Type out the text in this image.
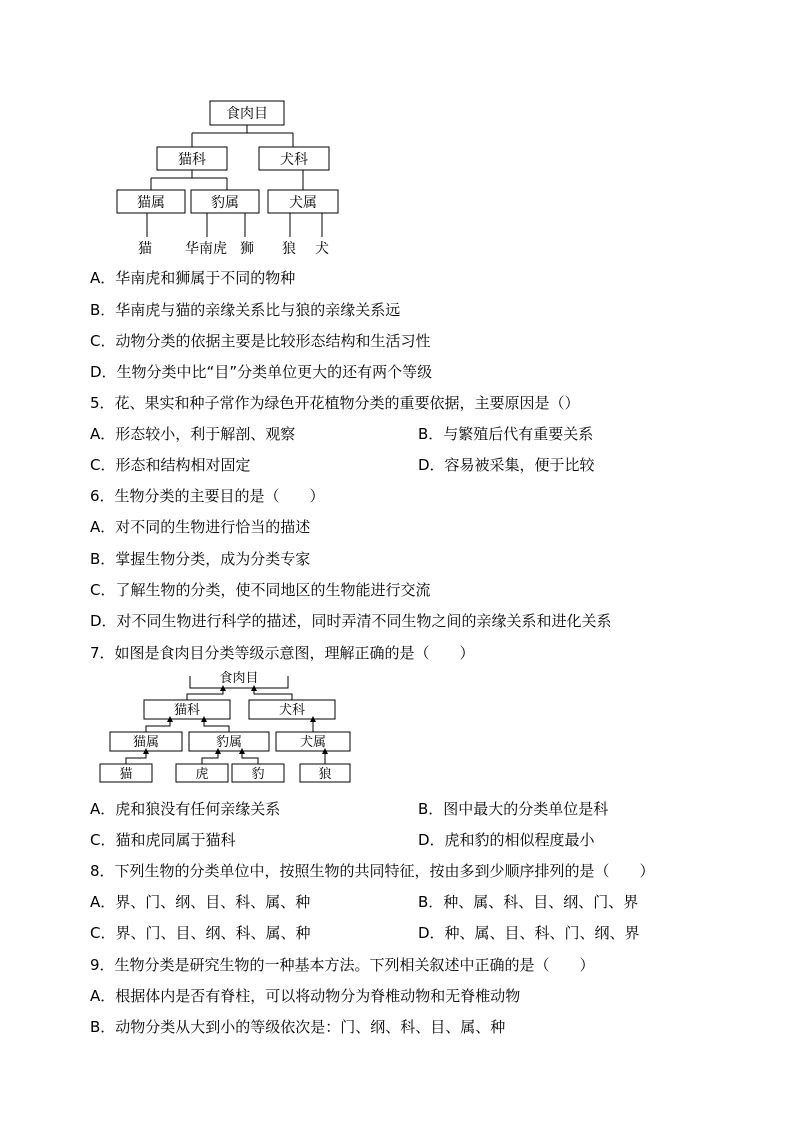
食肉目
猫科	犬科
猫属	豹属	犬属
猫 华南虎 狮 狼 犬
A．华南虎和狮属于不同的物种
B．华南虎与猫的亲缘关系比与狼的亲缘关系远
C．动物分类的依据主要是比较形态结构和生活习性
D．生物分类中比“目”分类单位更大的还有两个等级
5．花、果实和种子常作为绿色开花植物分类的重要依据，主要原因是（）
A．形态较小，利于解剖、观察	B．与繁殖后代有重要关系
C．形态和结构相对固定	D．容易被采集，便于比较
6．生物分类的主要目的是（　　）
A．对不同的生物进行恰当的描述
B．掌握生物分类，成为分类专家
C．了解生物的分类，使不同地区的生物能进行交流
D．对不同生物进行科学的描述，同时弄清不同生物之间的亲缘关系和进化关系
7．如图是食肉目分类等级示意图，理解正确的是（　　）
食肉目
猫科	犬科
猫属	豹属	犬属
猫	虎	豹	狼
A．虎和狼没有任何亲缘关系	B．图中最大的分类单位是科
C．猫和虎同属于猫科	D．虎和豹的相似程度最小
8．下列生物的分类单位中，按照生物的共同特征，按由多到少顺序排列的是（　　）
A．界、门、纲、目、科、属、种	B．种、属、科、目、纲、门、界
C．界、门、目、纲、科、属、种	D．种、属、目、科、门、纲、界
9．生物分类是研究生物的一种基本方法。下列相关叙述中正确的是（　　）
A．根据体内是否有脊柱，可以将动物分为脊椎动物和无脊椎动物
B．动物分类从大到小的等级依次是：门、纲、科、目、属、种
